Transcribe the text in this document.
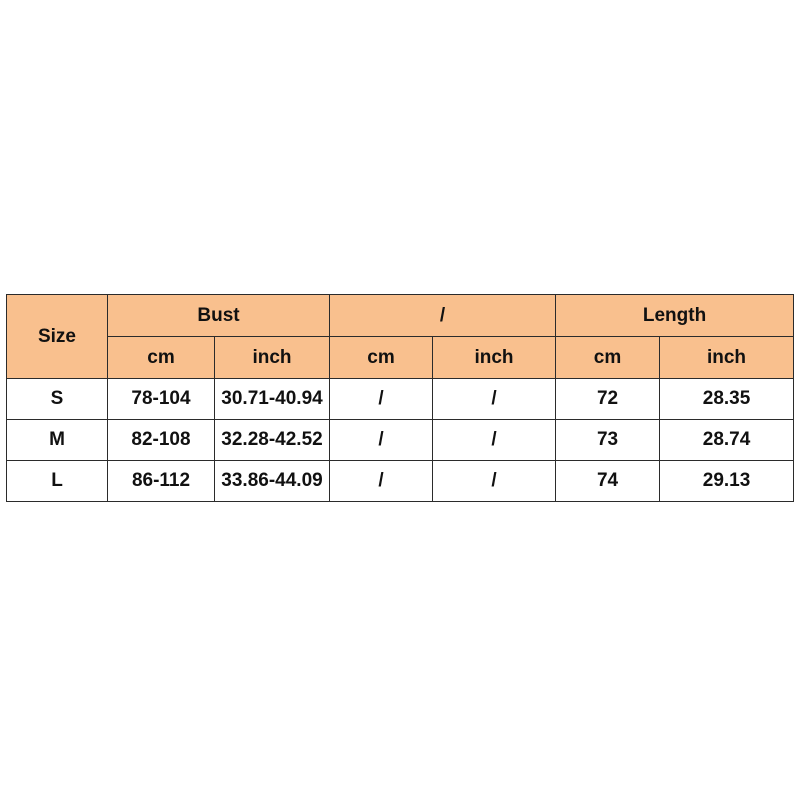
Size	Bust		/		Length	
	cm	inch	cm	inch	cm	inch
S	78-104	30.71-40.94	/	/	72	28.35
M	82-108	32.28-42.52	/	/	73	28.74
L	86-112	33.86-44.09	/	/	74	29.13
